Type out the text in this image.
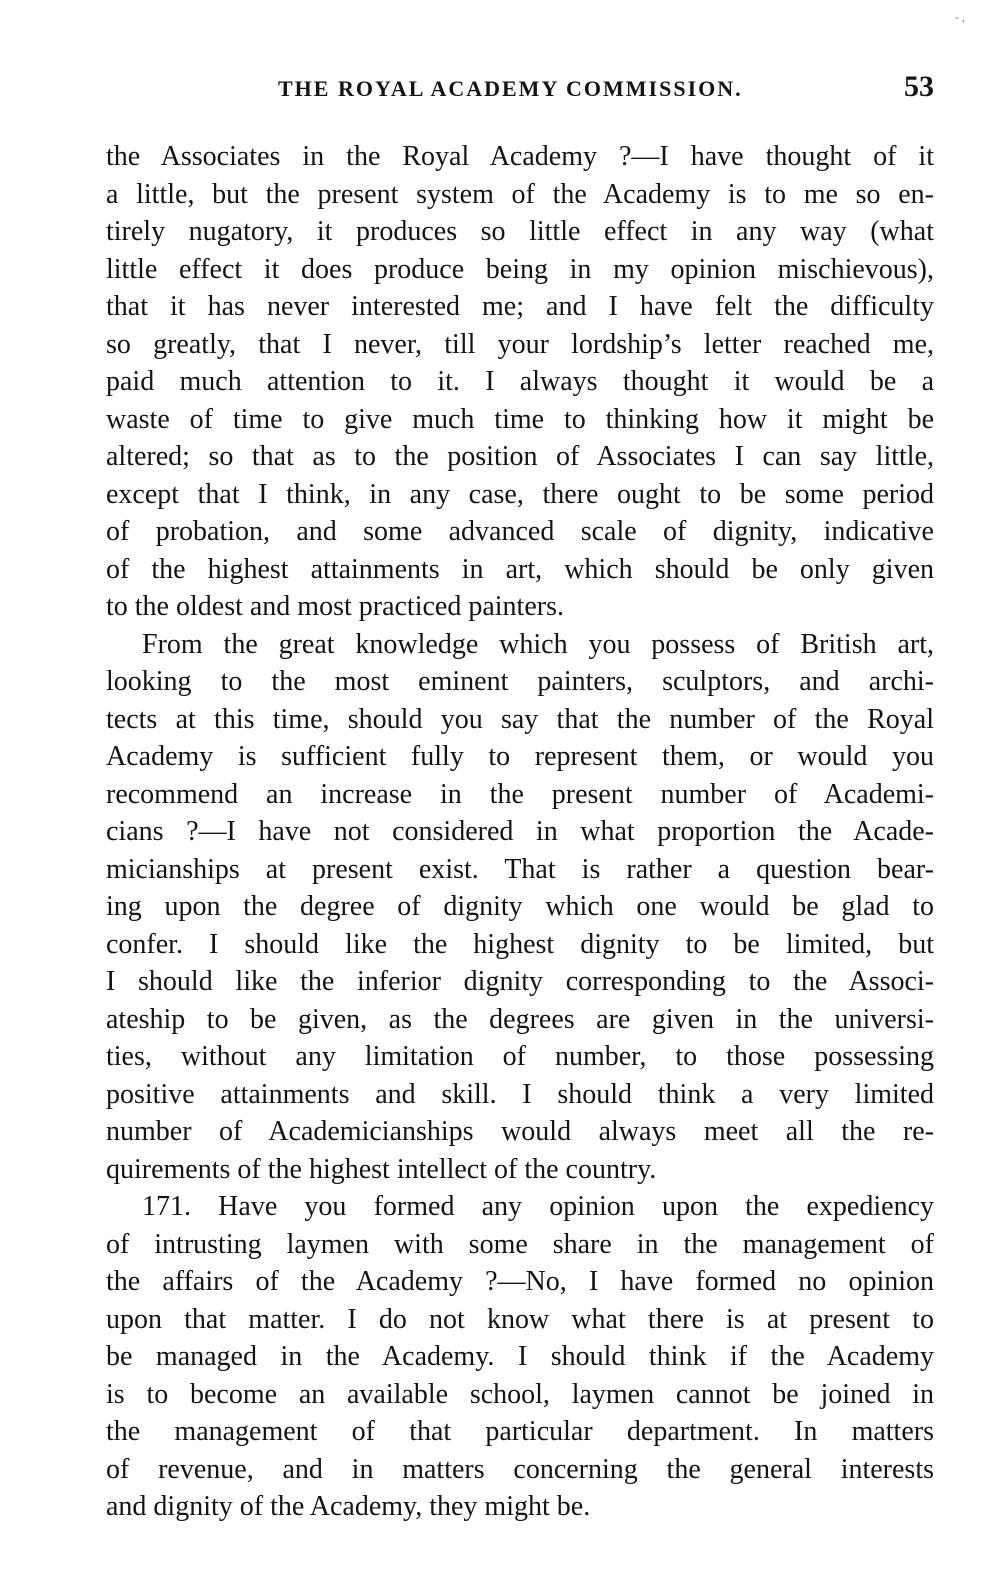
- ,
THE ROYAL ACADEMY COMMISSION.	53
the Associates in the Royal Academy ?—I have thought of it
a little, but the present system of the Academy is to me so en-
tirely nugatory, it produces so little effect in any way (what
little effect it does produce being in my opinion mischievous),
that it has never interested me; and I have felt the difficulty
so greatly, that I never, till your lordship’s letter reached me,
paid much attention to it. I always thought it would be a
waste of time to give much time to thinking how it might be
altered; so that as to the position of Associates I can say little,
except that I think, in any case, there ought to be some period
of probation, and some advanced scale of dignity, indicative
of the highest attainments in art, which should be only given
to the oldest and most practiced painters.
From the great knowledge which you possess of British art,
looking to the most eminent painters, sculptors, and archi-
tects at this time, should you say that the number of the Royal
Academy is sufficient fully to represent them, or would you
recommend an increase in the present number of Academi-
cians ?—I have not considered in what proportion the Acade-
micianships at present exist. That is rather a question bear-
ing upon the degree of dignity which one would be glad to
confer. I should like the highest dignity to be limited, but
I should like the inferior dignity corresponding to the Associ-
ateship to be given, as the degrees are given in the universi-
ties, without any limitation of number, to those possessing
positive attainments and skill. I should think a very limited
number of Academicianships would always meet all the re-
quirements of the highest intellect of the country.
171. Have you formed any opinion upon the expediency
of intrusting laymen with some share in the management of
the affairs of the Academy ?—No, I have formed no opinion
upon that matter. I do not know what there is at present to
be managed in the Academy. I should think if the Academy
is to become an available school, laymen cannot be joined in
the management of that particular department. In matters
of revenue, and in matters concerning the general interests
and dignity of the Academy, they might be.
